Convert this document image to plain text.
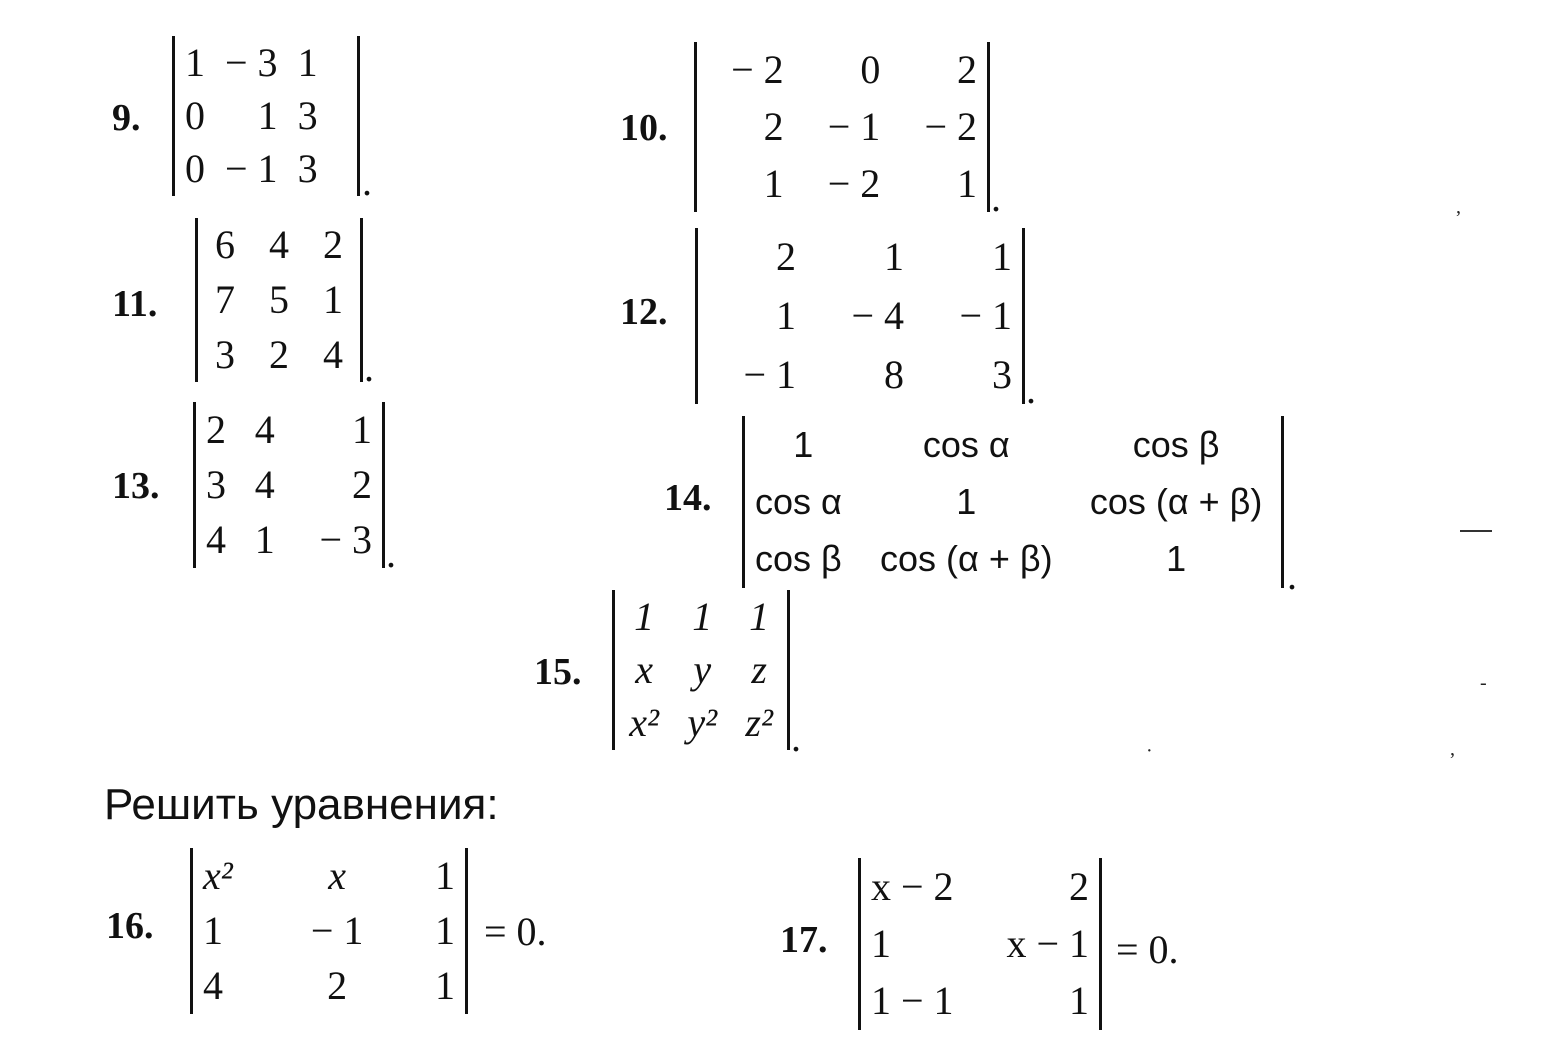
9.
1	− 3	1
0	1	3
0	− 1	3 .
10.
− 2	0	2
2	− 1	− 2
1	− 2	1 .
11.
6	4	2
7	5	1
3	2	4 .
12.
2	1	1
1	− 4	− 1
− 1	8	3 .
13.
2	4	1
3	4	2
4	1	− 3 .
14.
1	cos α	cos β
cos α	1	cos (α + β)
cos β	cos (α + β)	1	.
15.
1	1	1
x	y	z
x²	y²	z² .
Решить уравнения:
16.
x²	x	1
1	− 1	1
4	2	1
= 0.	17.
x − 2	2
1	x − 1
1 − 1	1
= 0.
,
-
,
·
